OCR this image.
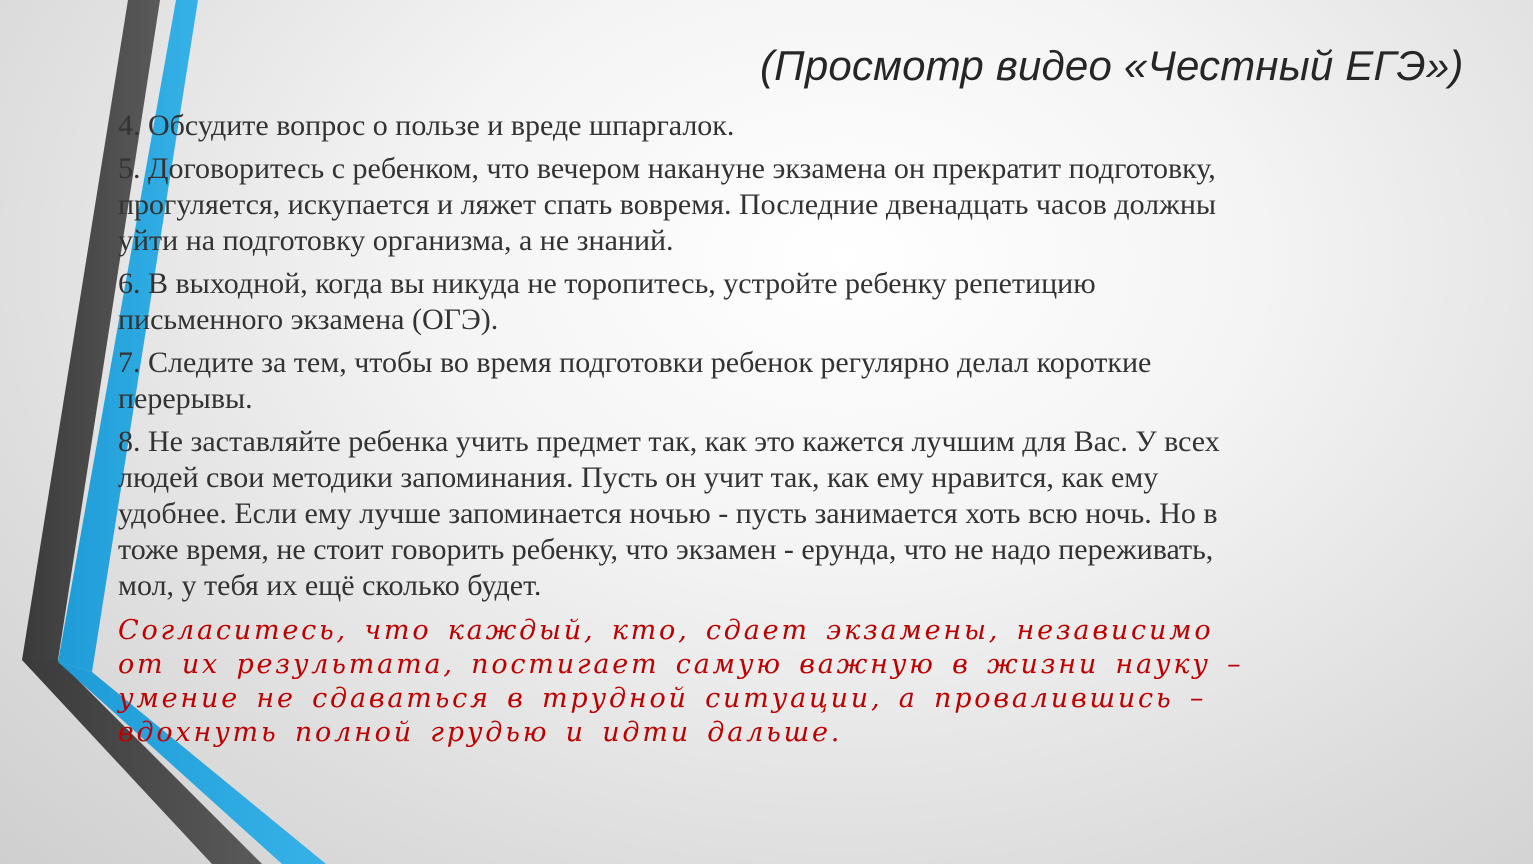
(Просмотр видео «Честный ЕГЭ»)

4. Обсудите вопрос о пользе и вреде шпаргалок.

5. Договоритесь с ребенком, что вечером накануне экзамена он прекратит подготовку, прогуляется, искупается и ляжет спать вовремя. Последние двенадцать часов должны уйти на подготовку организма, а не знаний.

6. В выходной, когда вы никуда не торопитесь, устройте ребенку репетицию письменного экзамена (ОГЭ).

7. Следите за тем, чтобы во время подготовки ребенок регулярно делал короткие перерывы.

8. Не заставляйте ребенка учить предмет так, как это кажется лучшим для Вас. У всех людей свои методики запоминания. Пусть он учит так, как ему нравится, как ему удобнее. Если ему лучше запоминается ночью - пусть занимается хоть всю ночь. Но в тоже время, не стоит говорить ребенку, что экзамен - ерунда, что не надо переживать, мол, у тебя их ещё сколько будет.

Согласитесь, что каждый, кто, сдает экзамены, независимо от их результата, постигает самую важную в жизни науку – умение не сдаваться в трудной ситуации, а провалившись – вдохнуть полной грудью и идти дальше.
